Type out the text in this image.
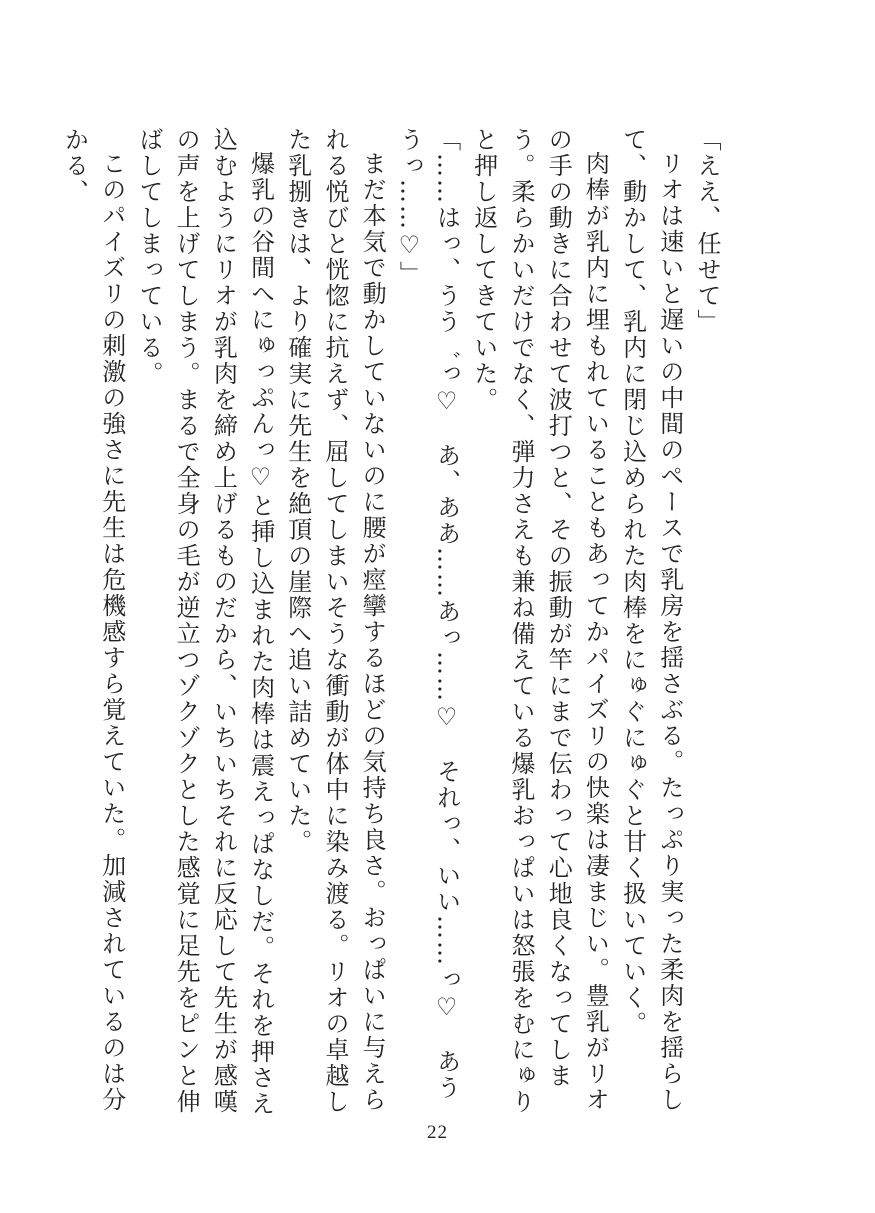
「ええ、任せて」

リオは速いと遅いの中間のペースで乳房を揺さぶる。たっぷり実った柔肉を揺らして、動かして、乳内に閉じ込められた肉棒をにゅぐにゅぐと甘く扱いていく。

肉棒が乳内に埋もれていることもあってかパイズリの快楽は凄まじい。豊乳がリオの手の動きに合わせて波打つと、その振動が竿にまで伝わって心地良くなってしまう。柔らかいだけでなく、弾力さえも兼ね備えている爆乳おっぱいは怒張をむにゅりと押し返してきていた。

「……はっ、うう゛っ♡　あ、ああ……あっ……♡　それっ、いい……っ♡　あううっ……♡」

まだ本気で動かしていないのに腰が痙攣するほどの気持ち良さ。おっぱいに与えられる悦びと恍惚に抗えず、屈してしまいそうな衝動が体中に染み渡る。リオの卓越した乳捌きは、より確実に先生を絶頂の崖際へ追い詰めていた。

爆乳の谷間へにゅっぷんっ♡と挿し込まれた肉棒は震えっぱなしだ。それを押さえ込むようにリオが乳肉を締め上げるものだから、いちいちそれに反応して先生が感嘆の声を上げてしまう。まるで全身の毛が逆立つゾクゾクとした感覚に足先をピンと伸ばしてしまっている。

このパイズリの刺激の強さに先生は危機感すら覚えていた。加減されているのは分かる、

22
